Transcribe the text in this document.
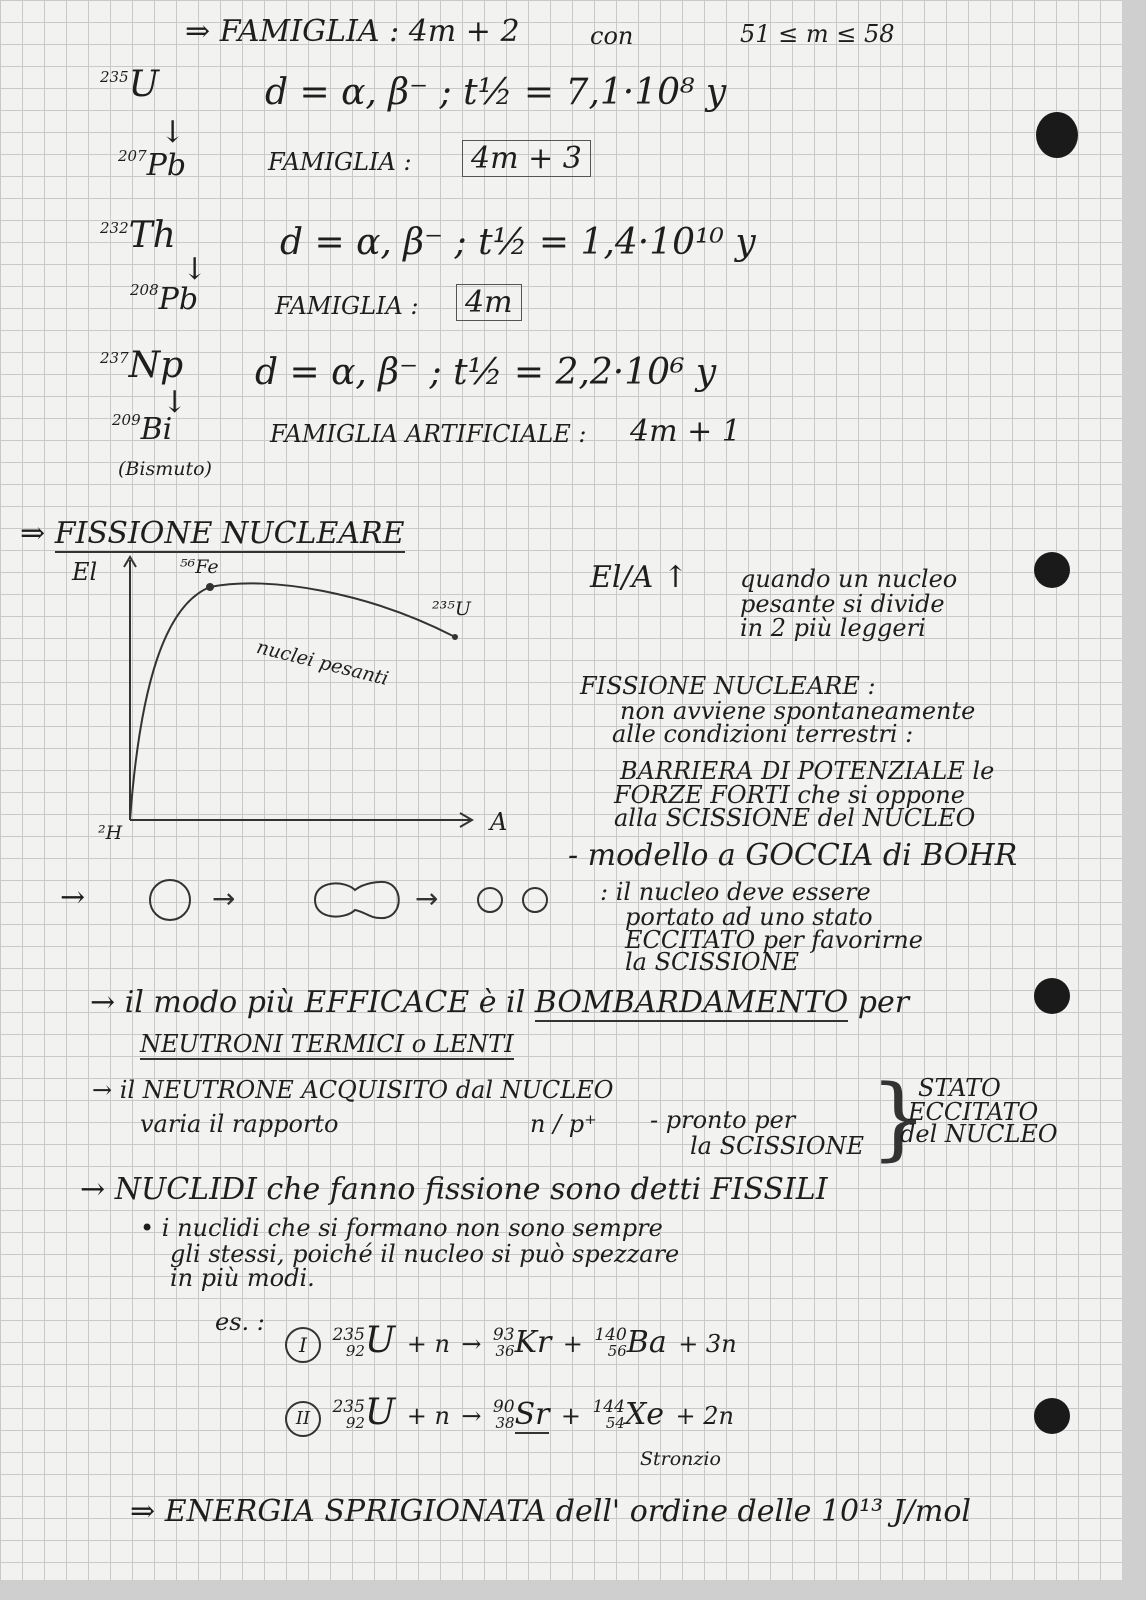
⇒ FAMIGLIA : 4m + 2	con	51 ≤ m ≤ 58
$^{235}$U	d = α, β⁻ ; t½ = 7,1·10⁸ y
↓
$^{207}$Pb	FAMIGLIA :	4m + 3
$^{232}$Th	d = α, β⁻ ; t½ = 1,4·10¹⁰ y
↓
$^{208}$Pb	FAMIGLIA :	4m
$^{237}$Np d = α, β⁻ ; t½ = 2,2·10⁶ y
↓
$^{209}$Bi	FAMIGLIA ARTIFICIALE : 4m + 1
(Bismuto)
⇒ FISSIONE NUCLEARE
El
A
²H
⁵⁶Fe
²³⁵U
nuclei pesanti
El/A ↑ quando un nucleo
pesante si divide
in 2 più leggeri
FISSIONE NUCLEARE :
non avviene spontaneamente
alle condizioni terrestri :
BARRIERA DI POTENZIALE le
FORZE FORTI che si oppone
alla SCISSIONE del NUCLEO
- modello a GOCCIA di BOHR
→	→	→	: il nucleo deve essere
portato ad uno stato
ECCITATO per favorirne
la SCISSIONE
→ il modo più EFFICACE è il BOMBARDAMENTO per
NEUTRONI TERMICI o LENTI
→ il NEUTRONE ACQUISITO dal NUCLEO
varia il rapporto	n / p⁺ - pronto per
la SCISSIONE }
STATO
ECCITATO
del NUCLEO
→ NUCLIDI che fanno fissione sono detti FISSILI
• i nuclidi che si formano non sono sempre
gli stessi, poiché il nucleo si può spezzare
in più modi.
es. :
I 235
92 U + n → 93
36 Kr + 140
56 Ba + 3n
II
235
92 U + n → 90
38 Sr + 144
54 Xe + 2n
Stronzio
⇒ ENERGIA SPRIGIONATA dell' ordine delle 10¹³ J/mol
